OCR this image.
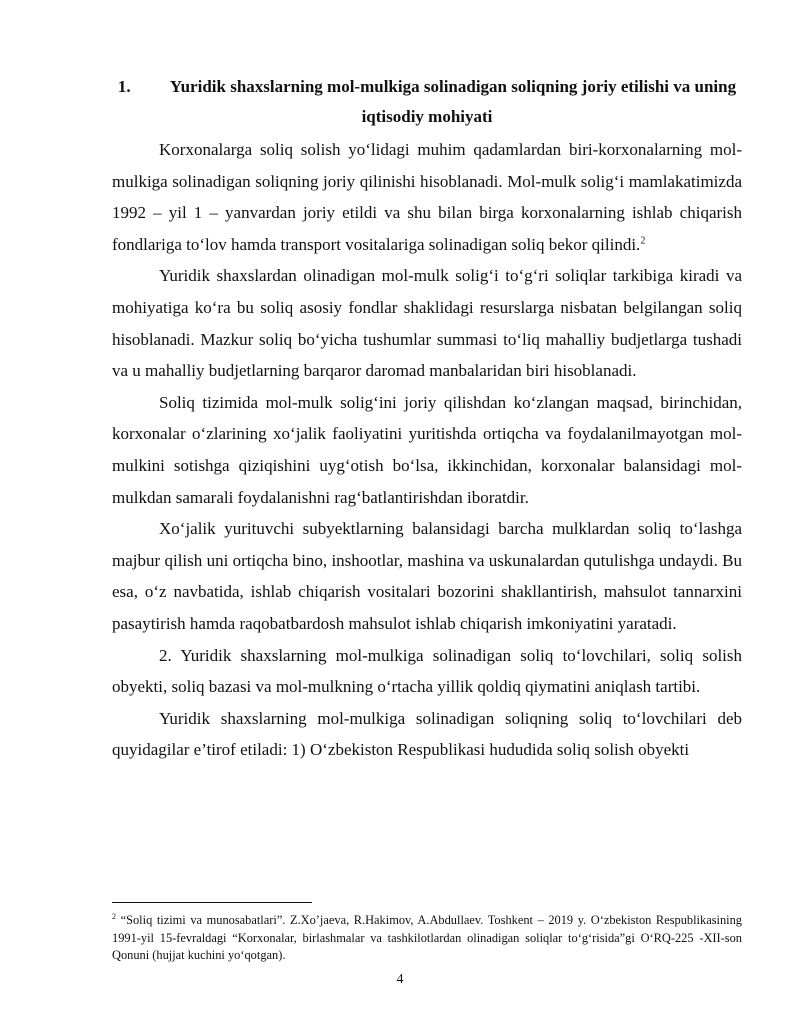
1. Yuridik shaxslarning mol-mulkiga solinadigan soliqning joriy etilishi va uning iqtisodiy mohiyati

Korxonalarga soliq solish yo‘lidagi muhim qadamlardan biri-korxonalarning mol-mulkiga solinadigan soliqning joriy qilinishi hisoblanadi. Mol-mulk solig‘i mamlakatimizda 1992 – yil 1 – yanvardan joriy etildi va shu bilan birga korxonalarning ishlab chiqarish fondlariga to‘lov hamda transport vositalariga solinadigan soliq bekor qilindi.$^2$

Yuridik shaxslardan olinadigan mol-mulk solig‘i to‘g‘ri soliqlar tarkibiga kiradi va mohiyatiga ko‘ra bu soliq asosiy fondlar shaklidagi resurslarga nisbatan belgilangan soliq hisoblanadi. Mazkur soliq bo‘yicha tushumlar summasi to‘liq mahalliy budjetlarga tushadi va u mahalliy budjetlarning barqaror daromad manbalaridan biri hisoblanadi.

Soliq tizimida mol-mulk solig‘ini joriy qilishdan ko‘zlangan maqsad, birinchidan, korxonalar o‘zlarining xo‘jalik faoliyatini yuritishda ortiqcha va foydalanilmayotgan mol-mulkini sotishga qiziqishini uyg‘otish bo‘lsa, ikkinchidan, korxonalar balansidagi mol-mulkdan samarali foydalanishni rag‘batlantirishdan iboratdir.

Xo‘jalik yurituvchi subyektlarning balansidagi barcha mulklardan soliq to‘lashga majbur qilish uni ortiqcha bino, inshootlar, mashina va uskunalardan qutulishga undaydi. Bu esa, o‘z navbatida, ishlab chiqarish vositalari bozorini shakllantirish, mahsulot tannarxini pasaytirish hamda raqobatbardosh mahsulot ishlab chiqarish imkoniyatini yaratadi.

2. Yuridik shaxslarning mol-mulkiga solinadigan soliq to‘lovchilari, soliq solish obyekti, soliq bazasi va mol-mulkning o‘rtacha yillik qoldiq qiymatini aniqlash tartibi.

Yuridik shaxslarning mol-mulkiga solinadigan soliqning soliq to‘lovchilari deb quyidagilar e’tirof etiladi: 1) O‘zbekiston Respublikasi hududida soliq solish obyekti

$^2$ “Soliq tizimi va munosabatlari”. Z.Xo’jaeva, R.Hakimov, A.Abdullaev. Toshkent – 2019 y. O‘zbekiston Respublikasining 1991-yil 15-fevraldagi “Korxonalar, birlashmalar va tashkilotlardan olinadigan soliqlar to‘g‘risida”gi O‘RQ-225 -XII-son Qonuni (hujjat kuchini yo‘qotgan).

4
